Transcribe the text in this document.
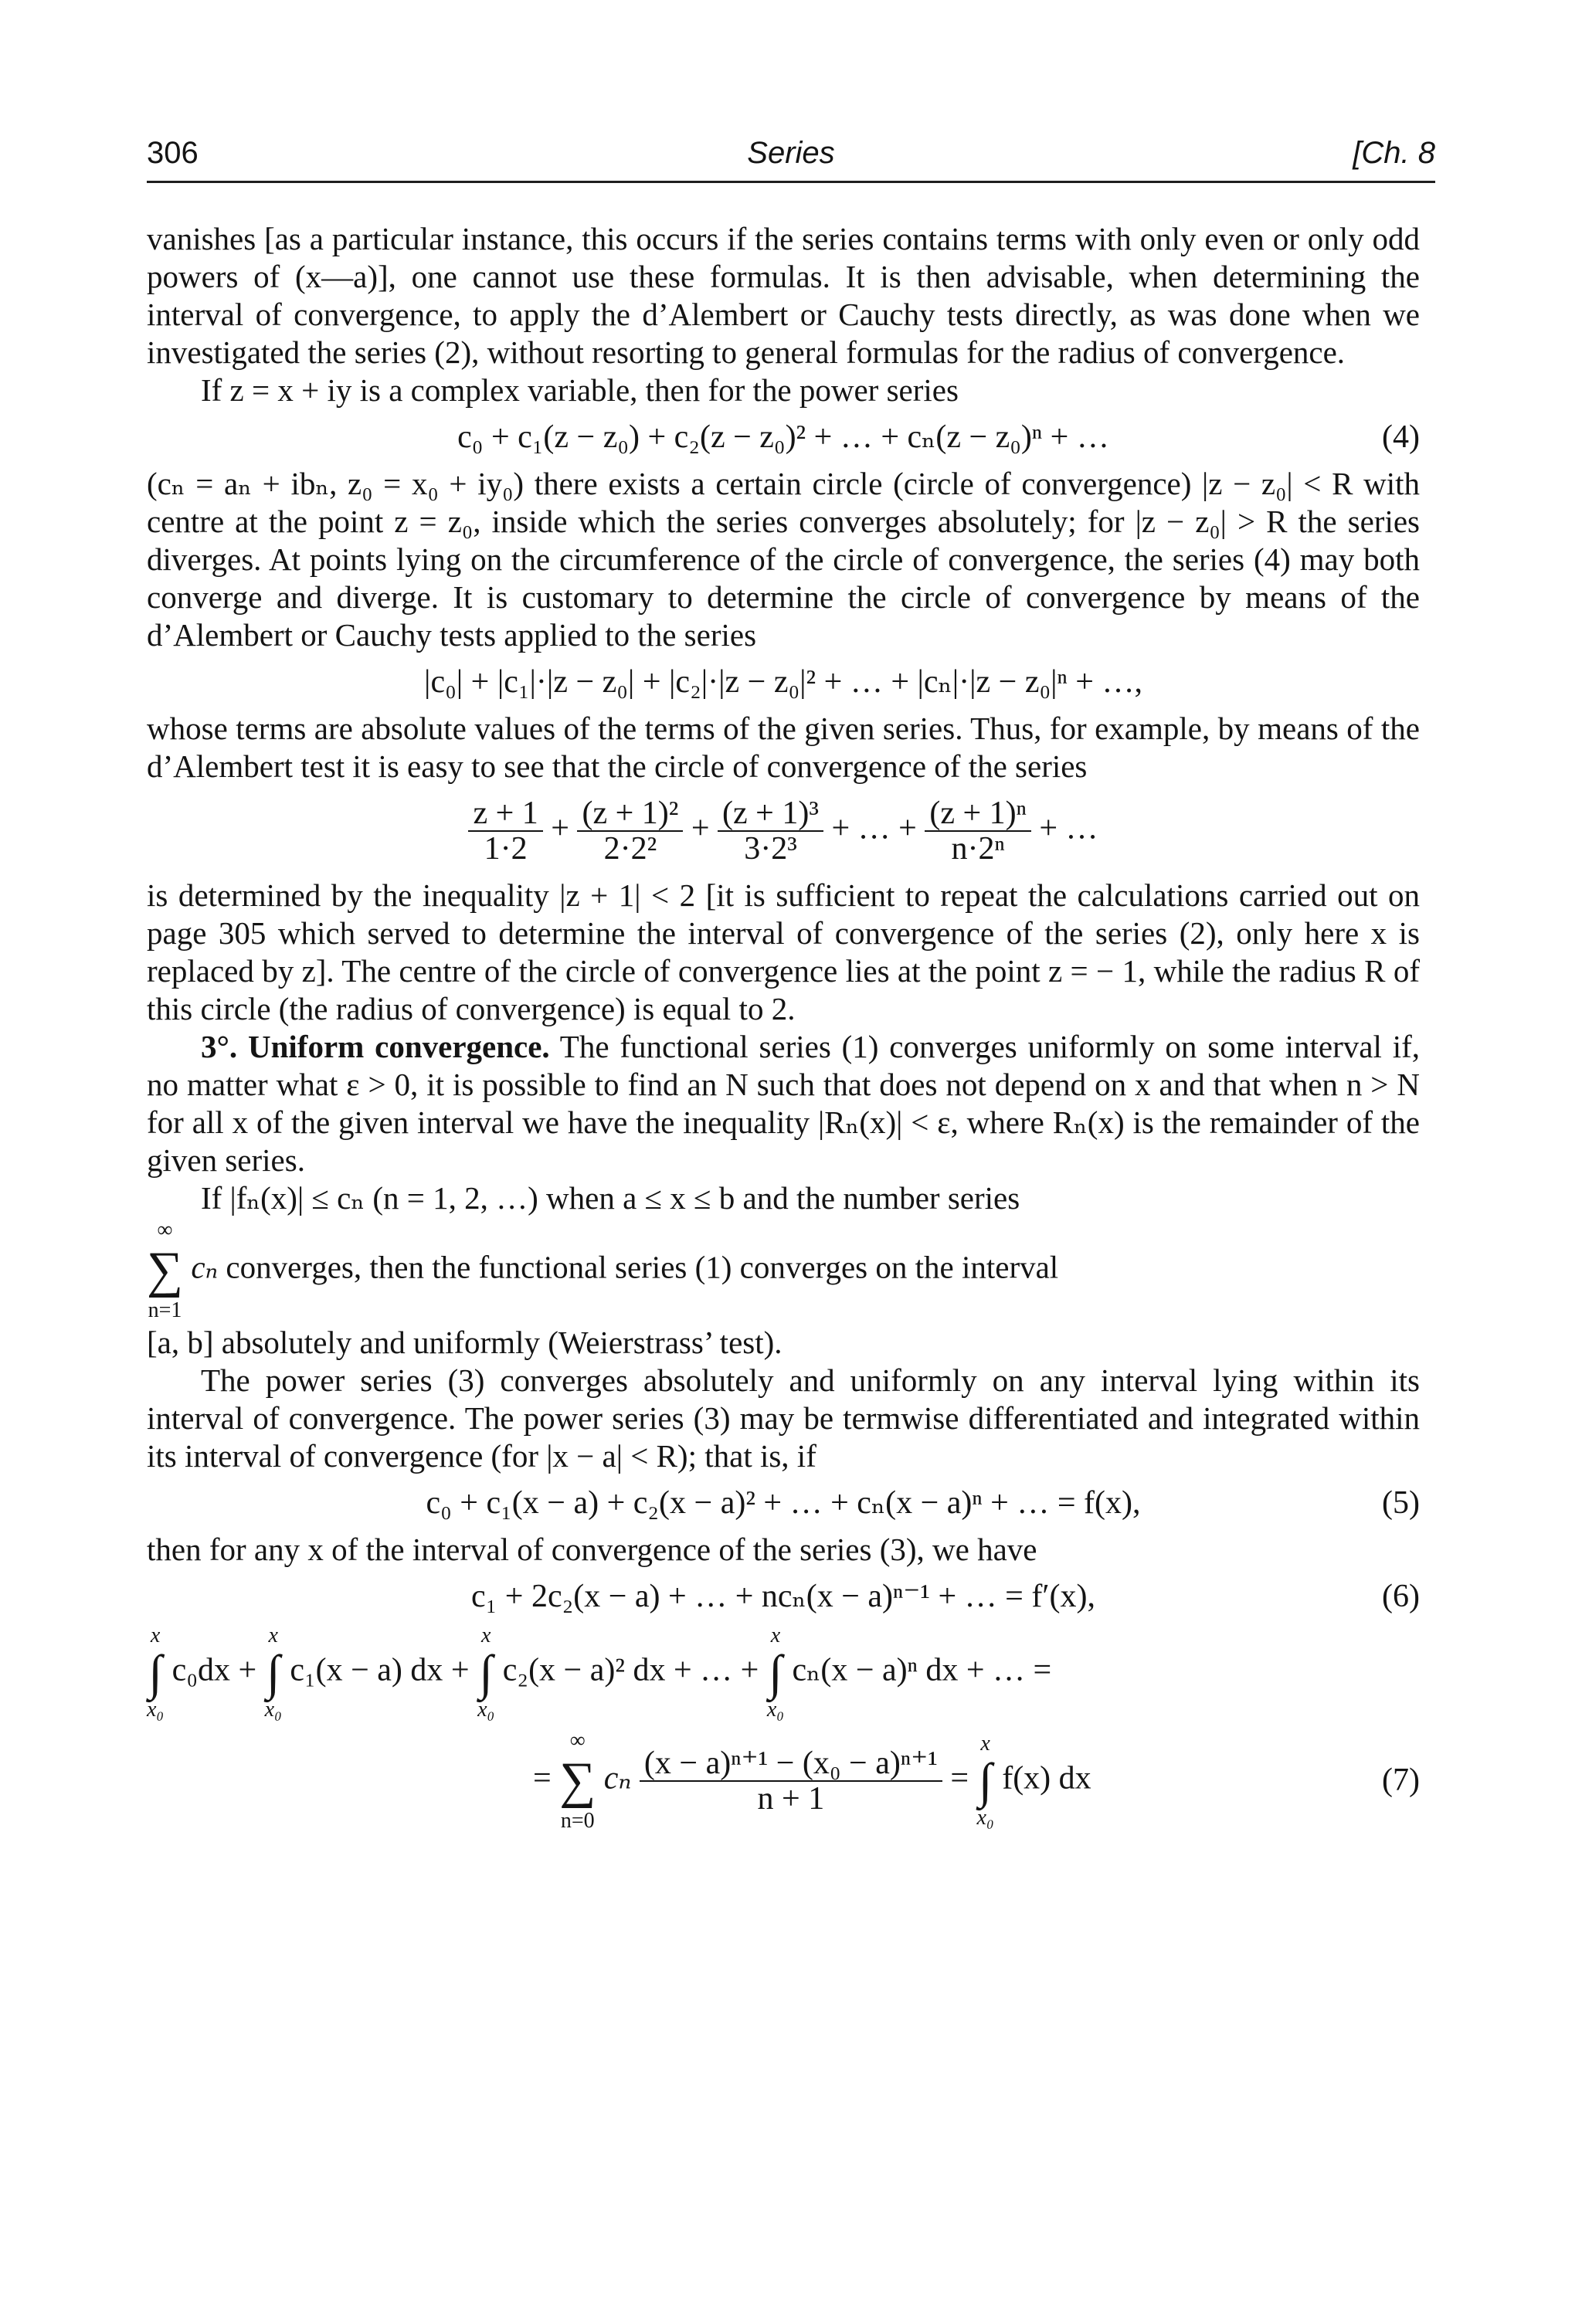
306	Series	[Ch. 8

vanishes [as a particular instance, this occurs if the series contains terms with only even or only odd powers of (x—a)], one cannot use these formulas. It is then advisable, when determining the interval of convergence, to apply the d’Alembert or Cauchy tests directly, as was done when we investigated the series (2), without resorting to general formulas for the radius of convergence.

If z = x + iy is a complex variable, then for the power series

c₀ + c₁(z − z₀) + c₂(z − z₀)² + … + cₙ(z − z₀)ⁿ + …	(4)

(cₙ = aₙ + ibₙ, z₀ = x₀ + iy₀) there exists a certain circle (circle of convergence) |z − z₀| < R with centre at the point z = z₀, inside which the series converges absolutely; for |z − z₀| > R the series diverges. At points lying on the circumference of the circle of convergence, the series (4) may both converge and diverge. It is customary to determine the circle of convergence by means of the d’Alembert or Cauchy tests applied to the series

|c₀| + |c₁|·|z − z₀| + |c₂|·|z − z₀|² + … + |cₙ|·|z − z₀|ⁿ + …,

whose terms are absolute values of the terms of the given series. Thus, for example, by means of the d’Alembert test it is easy to see that the circle of convergence of the series

$\frac{z + 1}{1\cdot 2} + \frac{\text{(z + 1)²}}{\text{2·2²}} + \frac{\text{(z + 1)³}}{\text{3·2³}}$ + … + $\frac{\text{(z + 1)ⁿ}}{\text{n·2ⁿ}}$ + …

is determined by the inequality |z + 1| < 2 [it is sufficient to repeat the calculations carried out on page 305 which served to determine the interval of convergence of the series (2), only here x is replaced by z]. The centre of the circle of convergence lies at the point z = − 1, while the radius R of this circle (the radius of convergence) is equal to 2.

3°. Uniform convergence. The functional series (1) converges uniformly on some interval if, no matter what ε > 0, it is possible to find an N such that does not depend on x and that when n > N for all x of the given interval we have the inequality |Rₙ(x)| < ε, where Rₙ(x) is the remainder of the given series.

If |fₙ(x)| ≤ cₙ (n = 1, 2, …) when a ≤ x ≤ b and the number series

∞
∑
n=1
cₙ converges, then the functional series (1) converges on the interval

[a, b] absolutely and uniformly (Weierstrass’ test).

The power series (3) converges absolutely and uniformly on any interval lying within its interval of convergence. The power series (3) may be termwise differentiated and integrated within its interval of convergence (for |x − a| < R); that is, if

c₀ + c₁(x − a) + c₂(x − a)² + … + cₙ(x − a)ⁿ + … = f(x),	(5)

then for any x of the interval of convergence of the series (3), we have

c₁ + 2c₂(x − a) + … + ncₙ(x − a)ⁿ⁻¹ + … = f′(x),	(6)
x
∫
x₀
c₀dx +
x
∫
x₀
c₁(x − a) dx +
x
∫
x₀
c₂(x − a)² dx + … +
x
∫
x₀
cₙ(x − a)ⁿ dx + … =
=
∞
∑
n=0
cₙ $\frac{\text{(x − a)ⁿ⁺¹ − (x₀ − a)ⁿ⁺¹}}{n + 1}$ =
x
∫
x₀
f(x) dx	(7)
